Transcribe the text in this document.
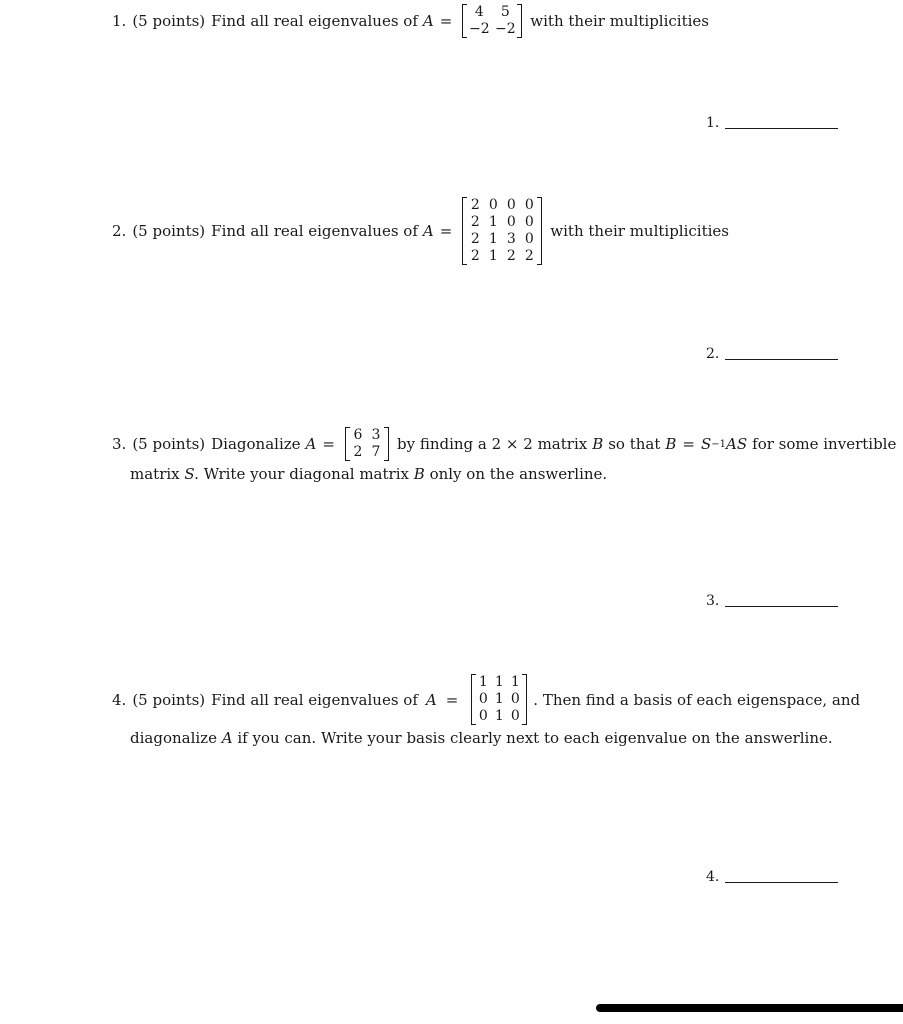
1. (5 points) Find all real eigenvalues of A =	4	5
−2 −2 with their multiplicities
1.
2. (5 points) Find all real eigenvalues of A =
2 0 0 0
2 1 0 0
2 1 3 0
2 1 2 2
with their multiplicities
2.
3. (5 points) Diagonalize A =	6 3
2 7	by finding a 2 × 2 matrix B so that B = S −1 AS for some invertible
matrix S. Write your diagonal matrix B only on the answerline.
3.
4. (5 points) Find all real eigenvalues of A =
1 1 1
0 1 0
0 1 0
. Then find a basis of each eigenspace, and
diagonalize A if you can. Write your basis clearly next to each eigenvalue on the answerline.
4.
